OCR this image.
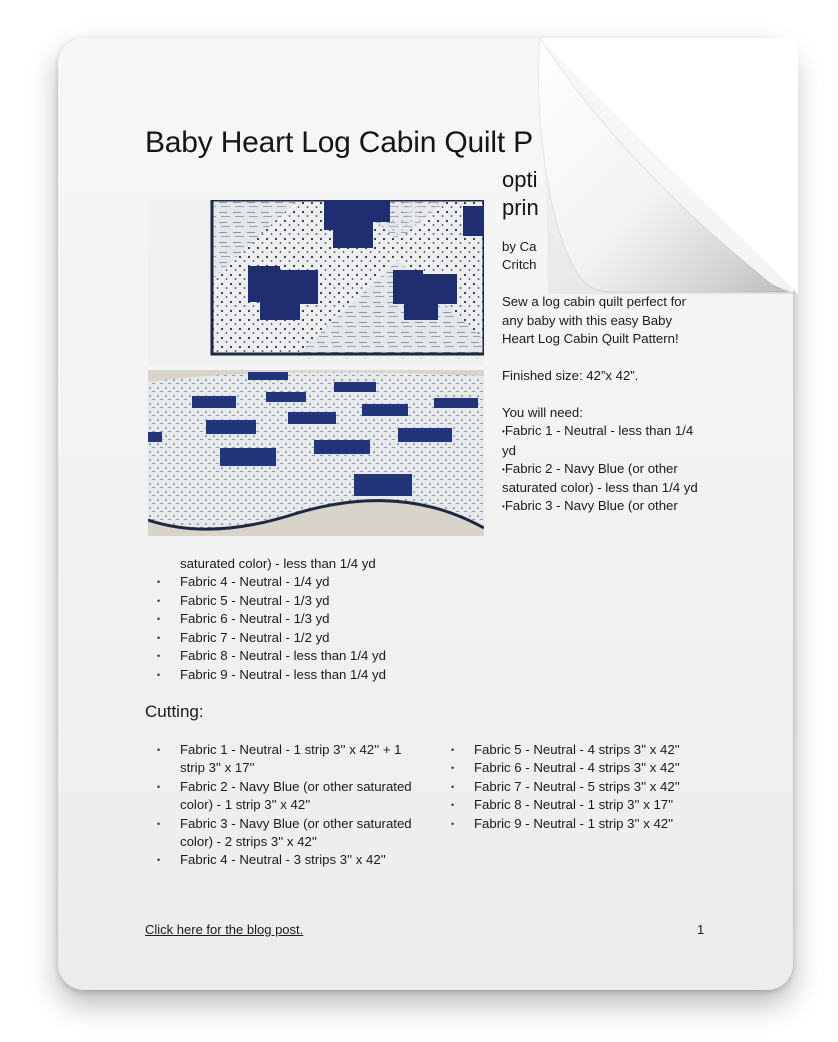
Baby Heart Log Cabin Quilt P
opti
prin

by Ca

Critch

Sew a log cabin quilt perfect for any baby with this easy Baby Heart Log Cabin Quilt Pattern!

Finished size: 42”x 42”.

You will need:

•Fabric 1 - Neutral - less than 1/4 yd

•Fabric 2 - Navy Blue (or other saturated color) - less than 1/4 yd

•Fabric 3 - Navy Blue (or other

saturated color) - less than 1/4 yd
• Fabric 4 - Neutral - 1/4 yd
• Fabric 5 - Neutral - 1/3 yd
• Fabric 6 - Neutral - 1/3 yd
• Fabric 7 - Neutral - 1/2 yd
• Fabric 8 - Neutral - less than 1/4 yd
• Fabric 9 - Neutral - less than 1/4 yd
Cutting:
• Fabric 1 - Neutral - 1 strip 3'' x 42'' + 1 strip 3'' x 17''
• Fabric 2 - Navy Blue (or other saturated color) - 1 strip 3'' x 42''
• Fabric 3 - Navy Blue (or other saturated color) - 2 strips 3'' x 42''
• Fabric 4 - Neutral - 3 strips 3'' x 42''
• Fabric 5 - Neutral - 4 strips 3'' x 42''
• Fabric 6 - Neutral - 4 strips 3'' x 42''
• Fabric 7 - Neutral - 5 strips 3'' x 42''
• Fabric 8 - Neutral - 1 strip 3'' x 17''
• Fabric 9 - Neutral - 1 strip 3'' x 42''
Click here for the blog post.	1
